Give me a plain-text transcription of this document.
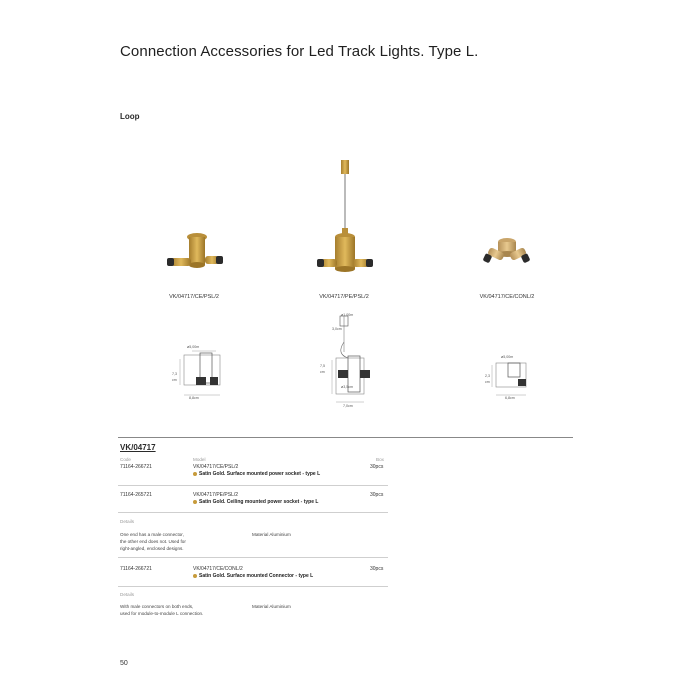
Connection Accessories for Led Track Lights. Type L.
Loop
VK/04717/CE/PSL/2	VK/04717/PE/PSL/2	VK/04717/CE/CONL/2
ø5,00m
7,3
cm
8,8cm
ø1,00m
3,0cm
7,5
cm
ø3,5cm
7,0cm
ø5,00m
2,3
cm
6,8cm
VK/04717
Code	Model	Box
71164-266721	VK/04717/CE/PSL/2	30pcs
Satin Gold. Surface mounted power socket - type L
71164-265721	VK/04717/PE/PSL/2	30pcs
Satin Gold. Ceiling mounted power socket - type L
Details
One end has a male connector,
the other end does not. Used for
right-angled, enclosed designs.
Material Aluminium
71164-266721	VK/04717/CE/CONL/2	30pcs
Satin Gold. Surface mounted Connector - type L
Details
With male connectors on both ends,
used for module-to-module L connection.
Material Aluminium
50
